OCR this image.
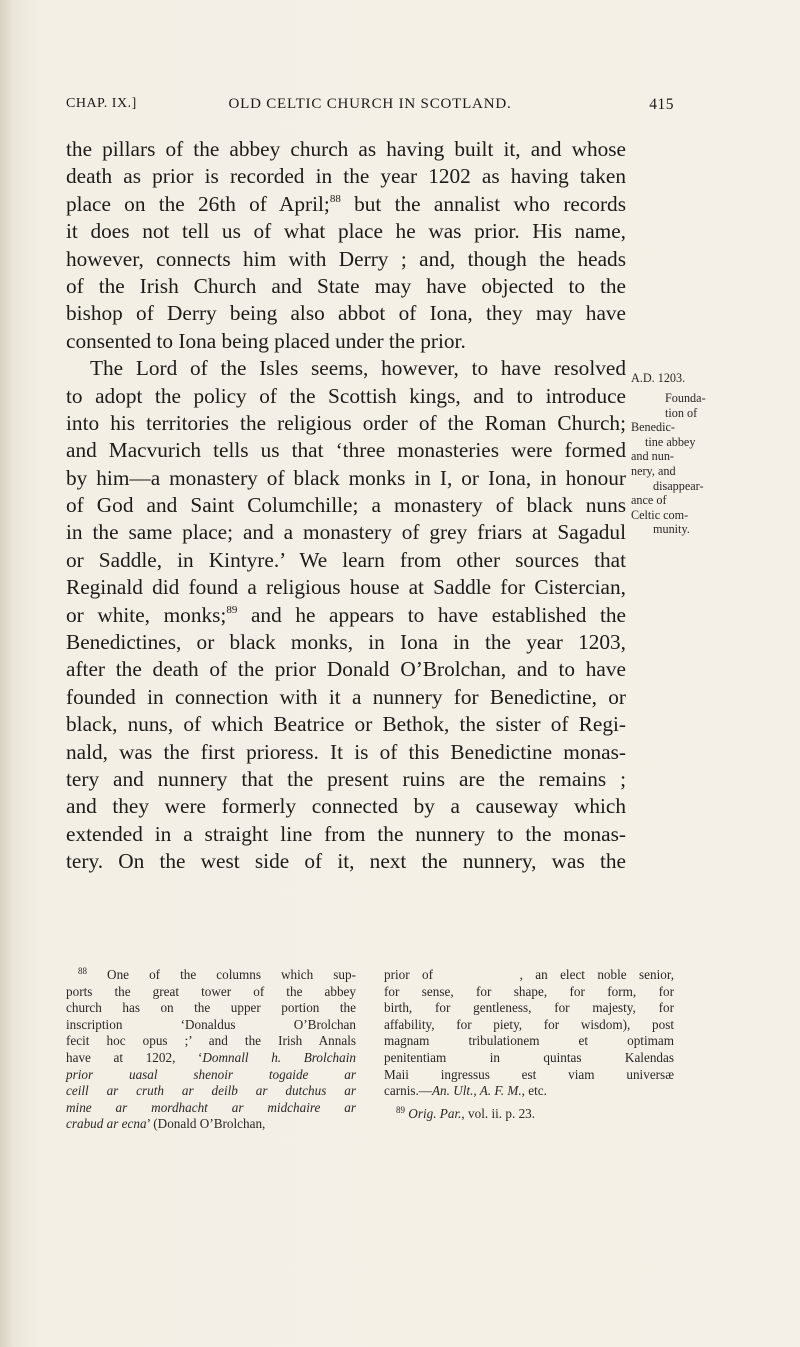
CHAP. IX.]	OLD CELTIC CHURCH IN SCOTLAND.	415
the pillars of the abbey church as having built it, and whose
death as prior is recorded in the year 1202 as having taken
place on the 26th of April;$^{88}$ but the annalist who records
it does not tell us of what place he was prior. His name,
however, connects him with Derry ; and, though the heads
of the Irish Church and State may have objected to the
bishop of Derry being also abbot of Iona, they may have
consented to Iona being placed under the prior.
The Lord of the Isles seems, however, to have resolved
to adopt the policy of the Scottish kings, and to introduce
into his territories the religious order of the Roman Church;
and Macvurich tells us that ‘three monasteries were formed
by him—a monastery of black monks in I, or Iona, in honour
of God and Saint Columchille; a monastery of black nuns
in the same place; and a monastery of grey friars at Sagadul
or Saddle, in Kintyre.’ We learn from other sources that
Reginald did found a religious house at Saddle for Cistercian,
or white, monks;$^{89}$ and he appears to have established the
Benedictines, or black monks, in Iona in the year 1203,
after the death of the prior Donald O’Brolchan, and to have
founded in connection with it a nunnery for Benedictine, or
black, nuns, of which Beatrice or Bethok, the sister of Regi-
nald, was the first prioress. It is of this Benedictine monas-
tery and nunnery that the present ruins are the remains ;
and they were formerly connected by a causeway which
extended in a straight line from the nunnery to the monas-
tery. On the west side of it, next the nunnery, was the
A.D. 1203.
Founda-
tion of
Benedic-
tine abbey
and nun-
nery, and
disappear-
ance of
Celtic com-
munity.
$^{88}$ One of the columns which sup-
ports the great tower of the abbey
church has on the upper portion the
inscription ‘Donaldus O’Brolchan
fecit hoc opus ;’ and the Irish Annals
have at 1202, ‘Domnall h. Brolchain
prior uasal shenoir togaide ar
ceill ar cruth ar deilb ar dutchus ar
mine ar mordhacht ar midchaire ar
crabud ar ecna’ (Donald O’Brolchan,
prior of       , an elect noble senior,
for sense, for shape, for form, for
birth, for gentleness, for majesty, for
affability, for piety, for wisdom), post
magnam tribulationem et optimam
penitentiam in quintas Kalendas
Maii ingressus est viam universæ
carnis.—An. Ult., A. F. M., etc.
$^{89}$ Orig. Par., vol. ii. p. 23.
